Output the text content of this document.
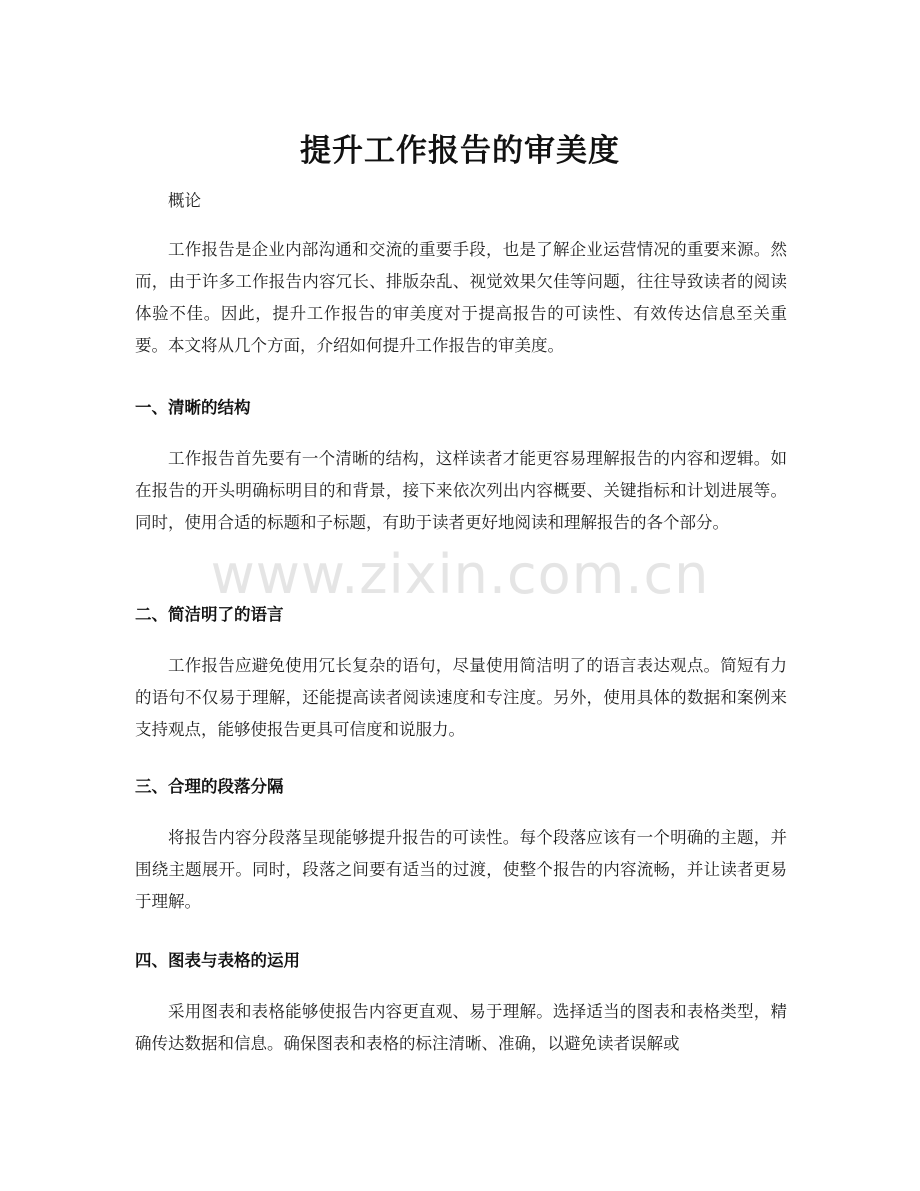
提升工作报告的审美度

概论

工作报告是企业内部沟通和交流的重要手段，也是了解企业运营情况的重要来源。然而，由于许多工作报告内容冗长、排版杂乱、视觉效果欠佳等问题，往往导致读者的阅读体验不佳。因此，提升工作报告的审美度对于提高报告的可读性、有效传达信息至关重要。本文将从几个方面，介绍如何提升工作报告的审美度。

一、清晰的结构

工作报告首先要有一个清晰的结构，这样读者才能更容易理解报告的内容和逻辑。如在报告的开头明确标明目的和背景，接下来依次列出内容概要、关键指标和计划进展等。同时，使用合适的标题和子标题，有助于读者更好地阅读和理解报告的各个部分。

二、简洁明了的语言

工作报告应避免使用冗长复杂的语句，尽量使用简洁明了的语言表达观点。简短有力的语句不仅易于理解，还能提高读者阅读速度和专注度。另外，使用具体的数据和案例来支持观点，能够使报告更具可信度和说服力。

三、合理的段落分隔

将报告内容分段落呈现能够提升报告的可读性。每个段落应该有一个明确的主题，并围绕主题展开。同时，段落之间要有适当的过渡，使整个报告的内容流畅，并让读者更易于理解。

四、图表与表格的运用

采用图表和表格能够使报告内容更直观、易于理解。选择适当的图表和表格类型，精确传达数据和信息。确保图表和表格的标注清晰、准确，以避免读者误解或

www.zixin.com.cn
